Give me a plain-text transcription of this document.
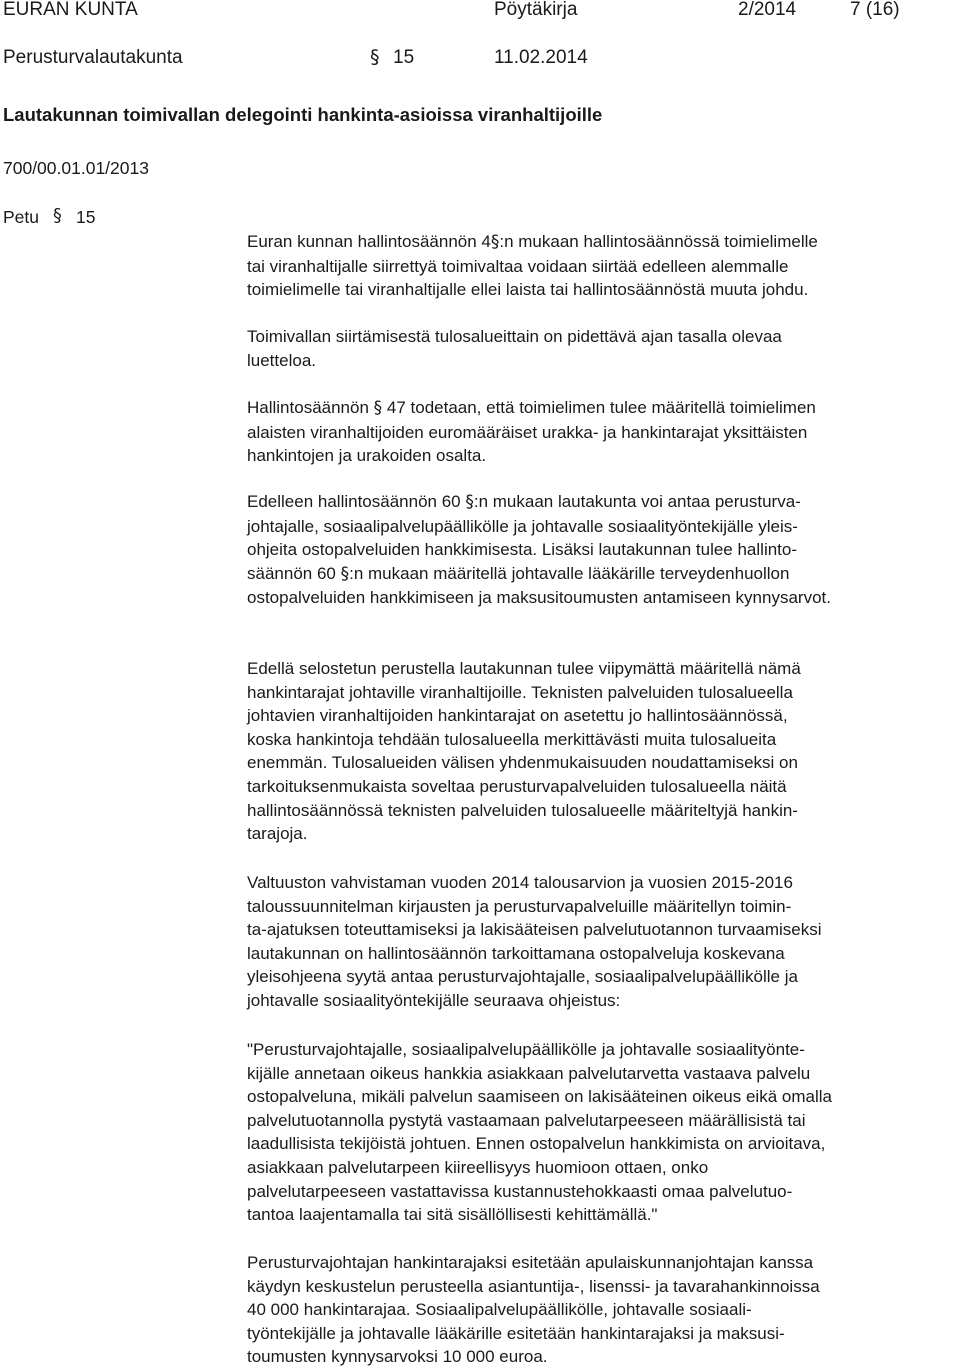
EURAN KUNTA	Pöytäkirja	2/2014	7 (16)
Perusturvalautakunta	§ 15	11.02.2014
Lautakunnan toimivallan delegointi hankinta-asioissa viranhaltijoille
700/00.01.01/2013
Petu § 15
Euran kunnan hallintosäännön 4§:n mukaan hallintosäännössä toimielimelle
tai viranhaltijalle siirrettyä toimivaltaa voidaan siirtää edelleen alemmalle
toimielimelle tai viranhaltijalle ellei laista tai hallintosäännöstä muuta johdu.
Toimivallan siirtämisestä tulosalueittain on pidettävä ajan tasalla olevaa
luetteloa.
Hallintosäännön § 47 todetaan, että toimielimen tulee määritellä toimielimen
alaisten viranhaltijoiden euromääräiset urakka- ja hankintarajat yksittäisten
hankintojen ja urakoiden osalta.
Edelleen hallintosäännön 60 §:n mukaan lautakunta voi antaa perusturva-
johtajalle, sosiaalipalvelupäällikölle ja johtavalle sosiaalityöntekijälle yleis-
ohjeita ostopalveluiden hankkimisesta. Lisäksi lautakunnan tulee hallinto-
säännön 60 §:n mukaan määritellä johtavalle lääkärille terveydenhuollon
ostopalveluiden hankkimiseen ja maksusitoumusten antamiseen kynnysarvot.
Edellä selostetun perustella lautakunnan tulee viipymättä määritellä nämä
hankintarajat johtaville viranhaltijoille. Teknisten palveluiden tulosalueella
johtavien viranhaltijoiden hankintarajat on asetettu jo hallintosäännössä,
koska hankintoja tehdään tulosalueella merkittävästi muita tulosalueita
enemmän. Tulosalueiden välisen yhdenmukaisuuden noudattamiseksi on
tarkoituksenmukaista soveltaa perusturvapalveluiden tulosalueella näitä
hallintosäännössä teknisten palveluiden tulosalueelle määriteltyjä hankin-
tarajoja.
Valtuuston vahvistaman vuoden 2014 talousarvion ja vuosien 2015-2016
taloussuunnitelman kirjausten ja perusturvapalveluille määritellyn toimin-
ta-ajatuksen toteuttamiseksi ja lakisääteisen palvelutuotannon turvaamiseksi
lautakunnan on hallintosäännön tarkoittamana ostopalveluja koskevana
yleisohjeena syytä antaa perusturvajohtajalle, sosiaalipalvelupäällikölle ja
johtavalle sosiaalityöntekijälle seuraava ohjeistus:
"Perusturvajohtajalle, sosiaalipalvelupäällikölle ja johtavalle sosiaalityönte-
kijälle annetaan oikeus hankkia asiakkaan palvelutarvetta vastaava palvelu
ostopalveluna, mikäli palvelun saamiseen on lakisääteinen oikeus eikä omalla
palvelutuotannolla pystytä vastaamaan palvelutarpeeseen määrällisistä tai
laadullisista tekijöistä johtuen. Ennen ostopalvelun hankkimista on arvioitava,
asiakkaan palvelutarpeen kiireellisyys huomioon ottaen, onko
palvelutarpeeseen vastattavissa kustannustehokkaasti omaa palvelutuo-
tantoa laajentamalla tai sitä sisällöllisesti kehittämällä."
Perusturvajohtajan hankintarajaksi esitetään apulaiskunnanjohtajan kanssa
käydyn keskustelun perusteella asiantuntija-, lisenssi- ja tavarahankinnoissa
40 000 hankintarajaa. Sosiaalipalvelupäällikölle, johtavalle sosiaali-
työntekijälle ja johtavalle lääkärille esitetään hankintarajaksi ja maksusi-
toumusten kynnysarvoksi 10 000 euroa.
